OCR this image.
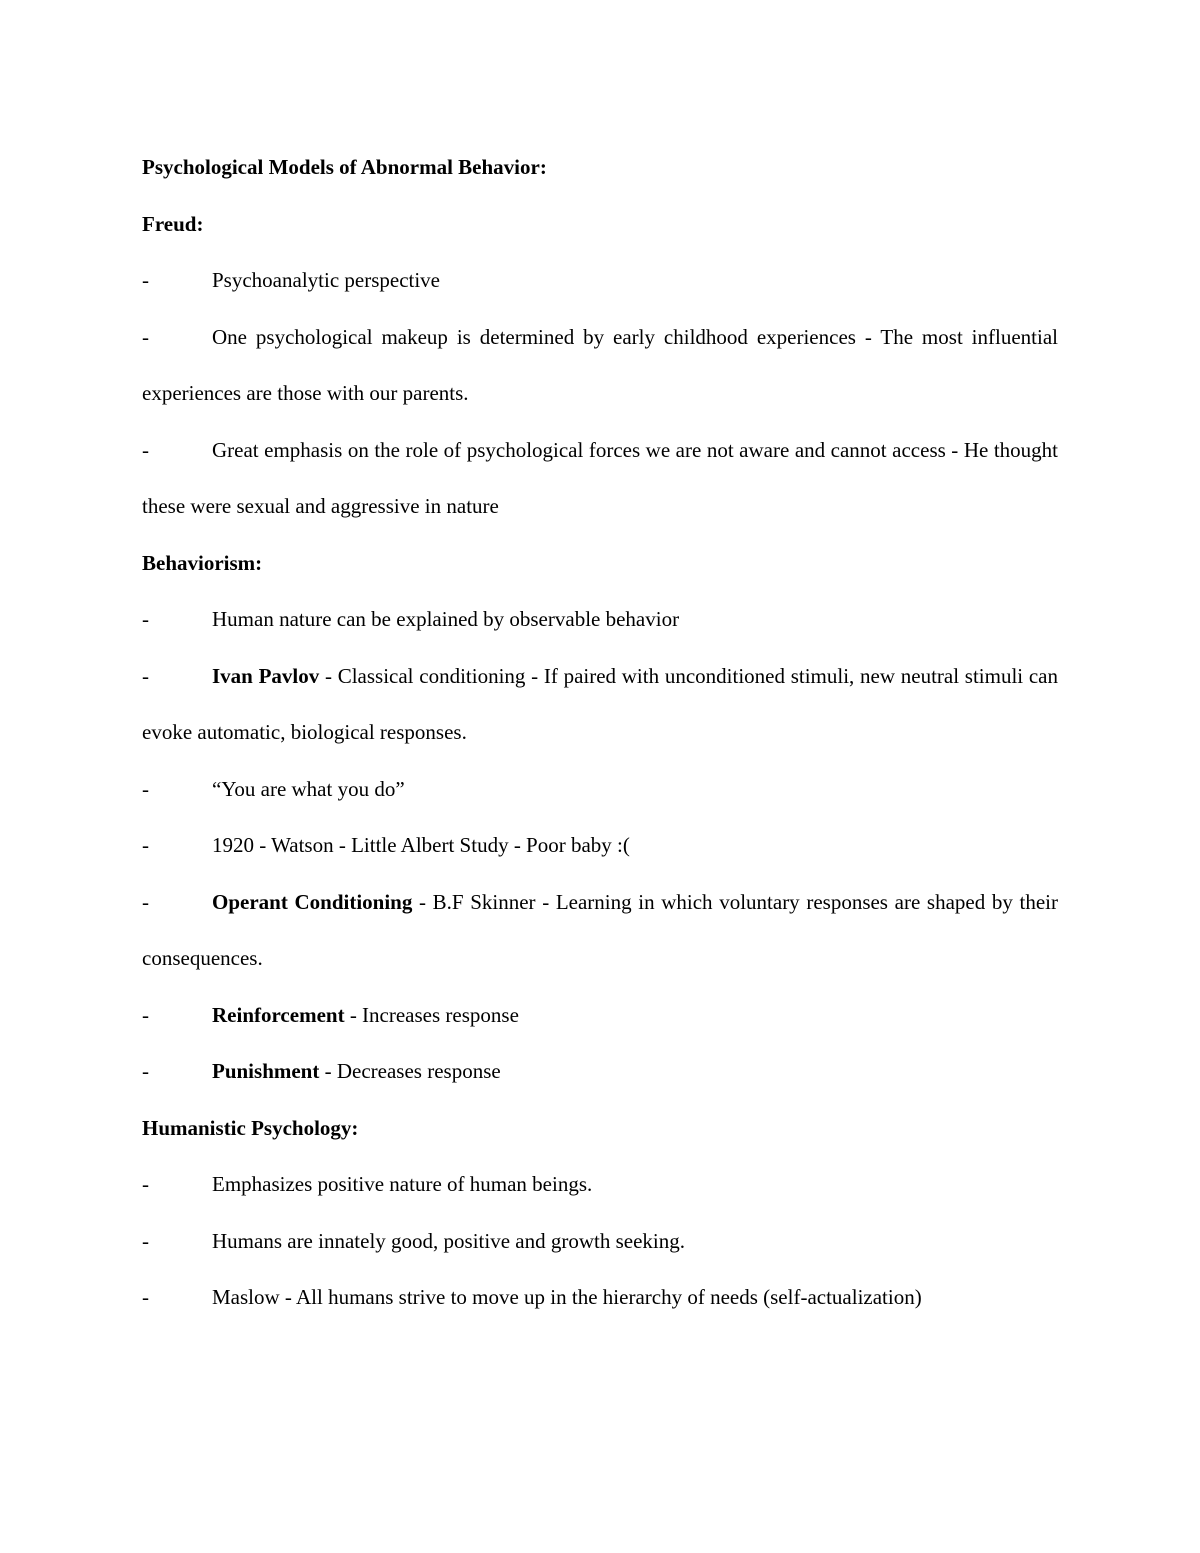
Psychological Models of Abnormal Behavior:

Freud:

-	Psychoanalytic perspective

-	One psychological makeup is determined by early childhood experiences - The most influential experiences are those with our parents.

-	Great emphasis on the role of psychological forces we are not aware and cannot access - He thought these were sexual and aggressive in nature

Behaviorism:

-	Human nature can be explained by observable behavior

-	Ivan Pavlov - Classical conditioning - If paired with unconditioned stimuli, new neutral stimuli can evoke automatic, biological responses.

-	“You are what you do”

-	1920 - Watson - Little Albert Study - Poor baby :(

-	Operant Conditioning - B.F Skinner - Learning in which voluntary responses are shaped by their consequences.

-	Reinforcement - Increases response

-	Punishment - Decreases response

Humanistic Psychology:

-	Emphasizes positive nature of human beings.

-	Humans are innately good, positive and growth seeking.

-	Maslow - All humans strive to move up in the hierarchy of needs (self-actualization)
